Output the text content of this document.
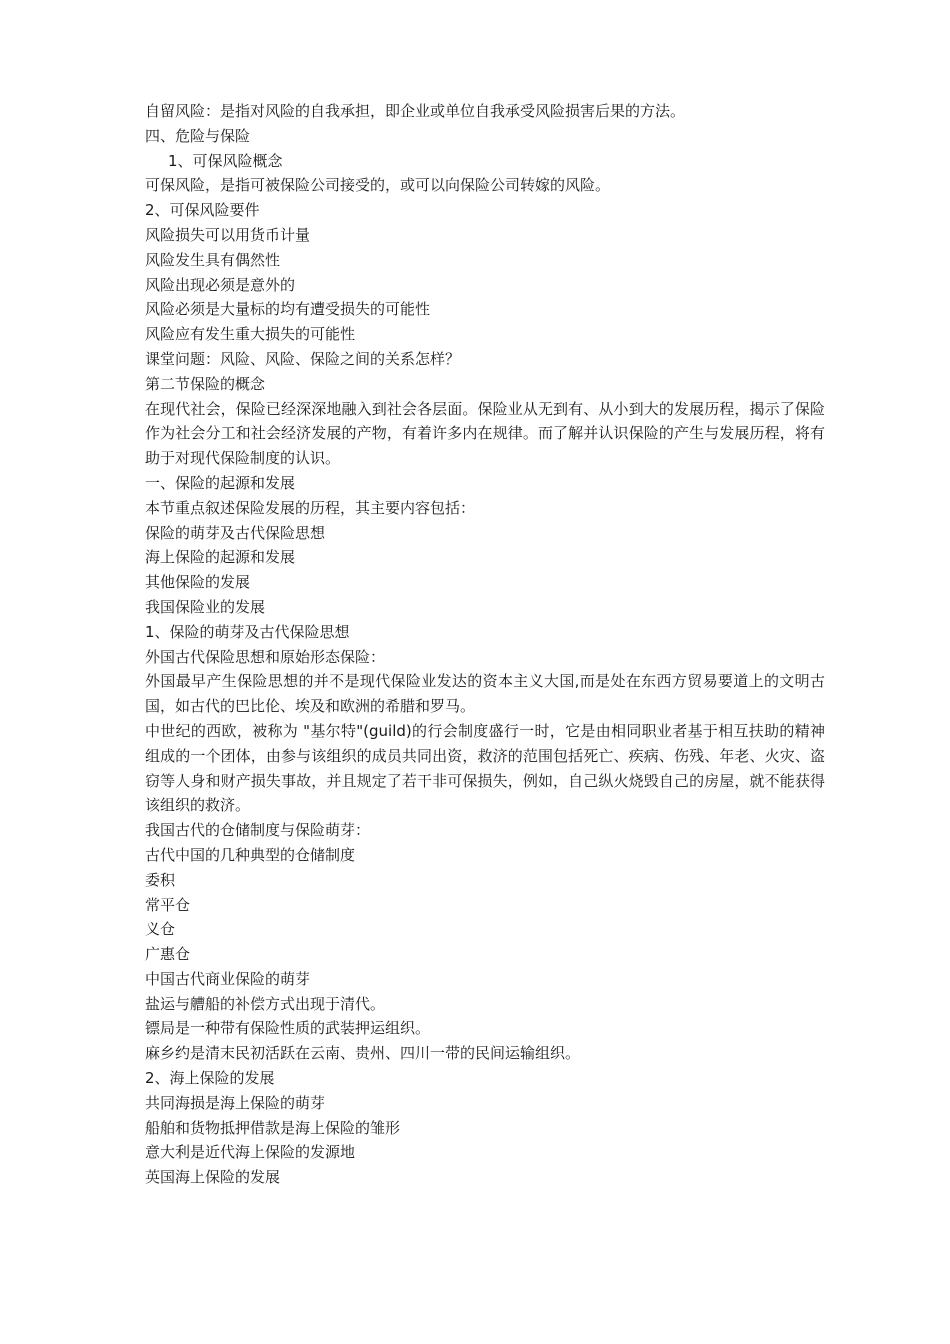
自留风险：是指对风险的自我承担，即企业或单位自我承受风险损害后果的方法。
四、危险与保险
1、可保风险概念
可保风险，是指可被保险公司接受的，或可以向保险公司转嫁的风险。
2、可保风险要件
风险损失可以用货币计量
风险发生具有偶然性
风险出现必须是意外的
风险必须是大量标的均有遭受损失的可能性
风险应有发生重大损失的可能性
课堂问题：风险、风险、保险之间的关系怎样？
第二节保险的概念
在现代社会，保险已经深深地融入到社会各层面。保险业从无到有、从小到大的发展历程，揭示了保险作为社会分工和社会经济发展的产物，有着许多内在规律。而了解并认识保险的产生与发展历程，将有助于对现代保险制度的认识。
一、保险的起源和发展
本节重点叙述保险发展的历程，其主要内容包括：
保险的萌芽及古代保险思想
海上保险的起源和发展
其他保险的发展
我国保险业的发展
1、保险的萌芽及古代保险思想
外国古代保险思想和原始形态保险：
外国最早产生保险思想的并不是现代保险业发达的资本主义大国,而是处在东西方贸易要道上的文明古国，如古代的巴比伦、埃及和欧洲的希腊和罗马。
中世纪的西欧，被称为 "基尔特"(guild)的行会制度盛行一时，它是由相同职业者基于相互扶助的精神组成的一个团体，由参与该组织的成员共同出资，救济的范围包括死亡、疾病、伤残、年老、火灾、盗窃等人身和财产损失事故，并且规定了若干非可保损失，例如，自己纵火烧毁自己的房屋，就不能获得该组织的救济。
我国古代的仓储制度与保险萌芽：
古代中国的几种典型的仓储制度
委积
常平仓
义仓
广惠仓
中国古代商业保险的萌芽
盐运与艚船的补偿方式出现于清代。
镖局是一种带有保险性质的武装押运组织。
麻乡约是清末民初活跃在云南、贵州、四川一带的民间运输组织。
2、海上保险的发展
共同海损是海上保险的萌芽
船舶和货物抵押借款是海上保险的雏形
意大利是近代海上保险的发源地
英国海上保险的发展
